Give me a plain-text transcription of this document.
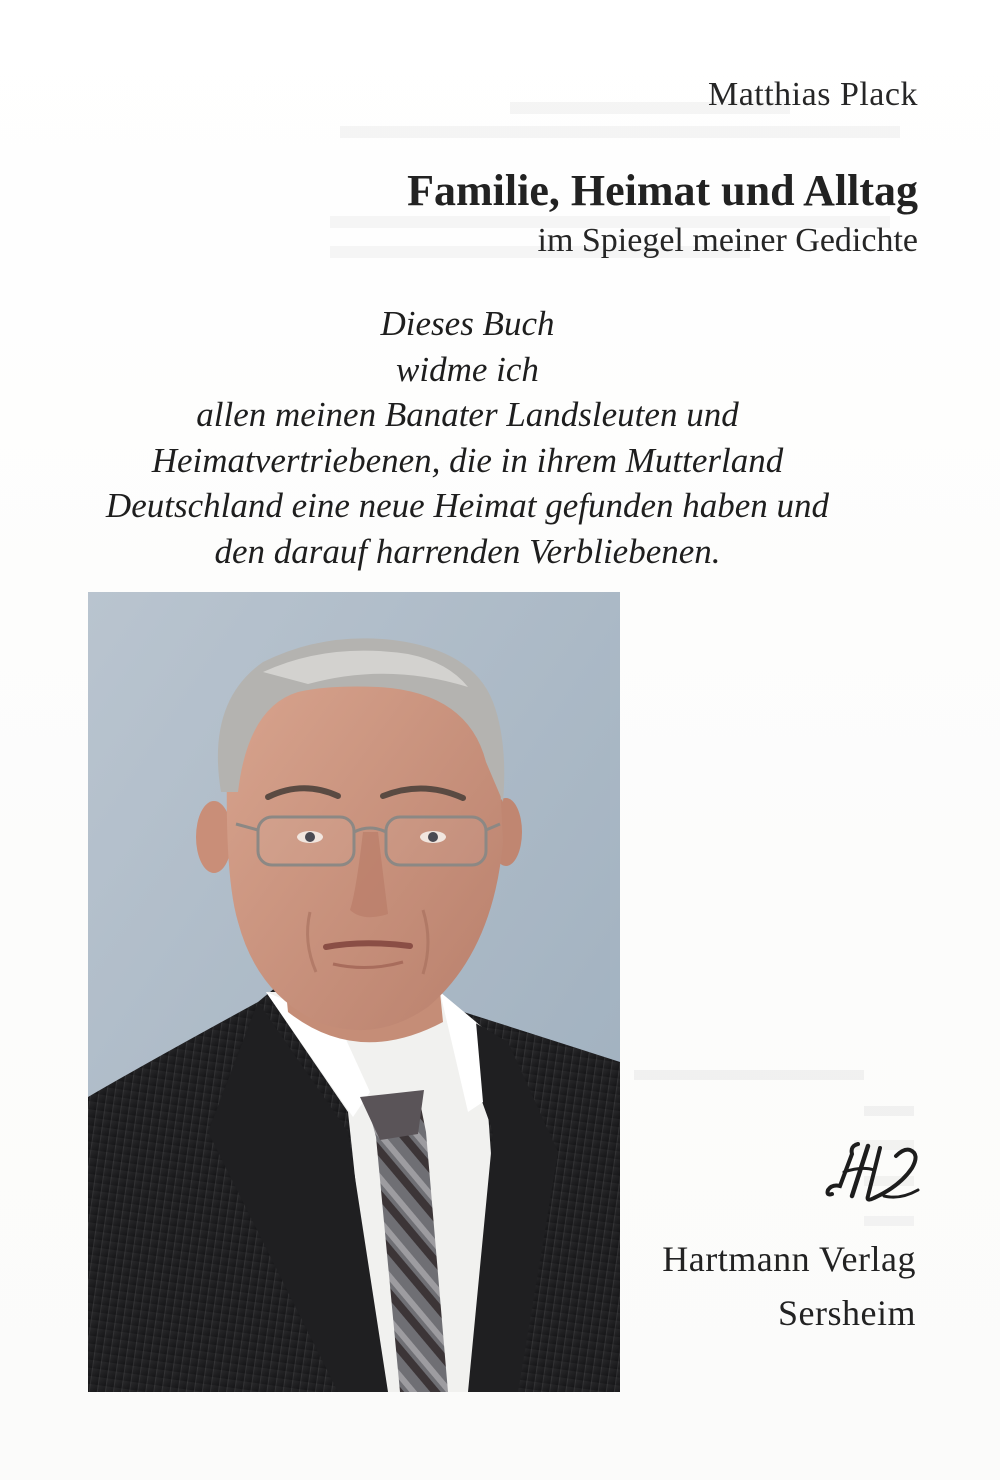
Matthias Plack
Familie, Heimat und Alltag
im Spiegel meiner Gedichte
Dieses Buch
widme ich
allen meinen Banater Landsleuten und
Heimatvertriebenen, die in ihrem Mutterland
Deutschland eine neue Heimat gefunden haben und
den darauf harrenden Verbliebenen.
Hartmann Verlag
Sersheim
